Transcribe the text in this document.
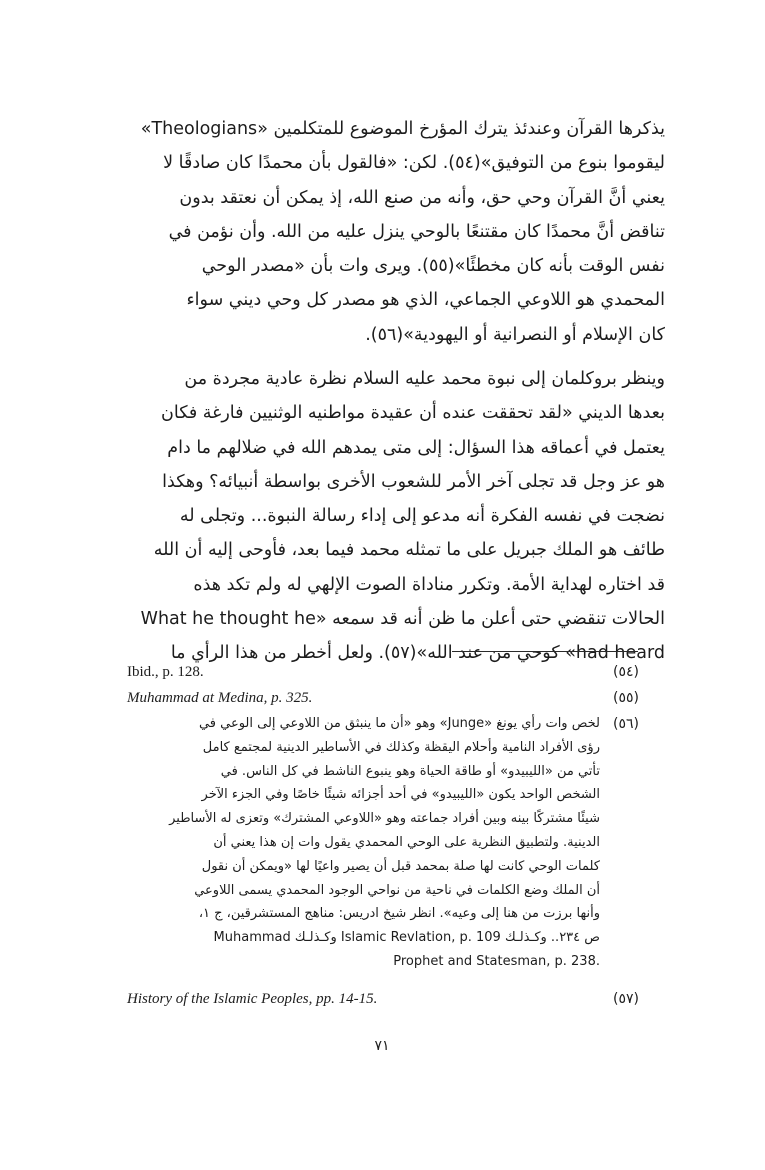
يذكرها القرآن وعندئذ يترك المؤرخ الموضوع للمتكلمين «Theologians»
ليقوموا بنوع من التوفيق»(٥٤). لكن: «فالقول بأن محمدًا كان صادقًا لا
يعني أنَّ القرآن وحي حق، وأنه من صنع الله، إذ يمكن أن نعتقد بدون
تناقض أنَّ محمدًا كان مقتنعًا بالوحي ينزل عليه من الله. وأن نؤمن في
نفس الوقت بأنه كان مخطئًا»(٥٥). ويرى وات بأن «مصدر الوحي
المحمدي هو اللاوعي الجماعي، الذي هو مصدر كل وحي ديني سواء
كان الإسلام أو النصرانية أو اليهودية»(٥٦).
وينظر بروكلمان إلى نبوة محمد عليه السلام نظرة عادية مجردة من
بعدها الديني «لقد تحققت عنده أن عقيدة مواطنيه الوثنيين فارغة فكان
يعتمل في أعماقه هذا السؤال: إلى متى يمدهم الله في ضلالهم ما دام
هو عز وجل قد تجلى آخر الأمر للشعوب الأخرى بواسطة أنبيائه؟ وهكذا
نضجت في نفسه الفكرة أنه مدعو إلى إداء رسالة النبوة... وتجلى له
طائف هو الملك جبريل على ما تمثله محمد فيما بعد، فأوحى إليه أن الله
قد اختاره لهداية الأمة. وتكرر مناداة الصوت الإلهي له ولم تكد هذه
الحالات تنقضي حتى أعلن ما ظن أنه قد سمعه «What he thought he
had heard» كوحي من عند الله»(٥٧). ولعل أخطر من هذا الرأي ما
Ibid., p. 128.	(٥٤)
Muhammad at Medina, p. 325.	(٥٥)
(٥٦)
لخص وات رأي يونغ «Junge» وهو «أن ما ينبثق من اللاوعي إلى الوعي في
رؤى الأفراد النامية وأحلام اليقظة وكذلك في الأساطير الدينية لمجتمع كامل
تأتي من «الليبيدو» أو طاقة الحياة وهو ينبوع الناشط في كل الناس. في
الشخص الواحد يكون «الليبيدو» في أحد أجزائه شيئًا خاصًا وفي الجزء الآخر
شيئًا مشتركًا بينه وبين أفراد جماعته وهو «اللاوعي المشترك» وتعزى له الأساطير
الدينية. ولتطبيق النظرية على الوحي المحمدي يقول وات إن هذا يعني أن
كلمات الوحي كانت لها صلة بمحمد قبل أن يصير واعيًا لها «ويمكن أن نقول
أن الملك وضع الكلمات في ناحية من نواحي الوجود المحمدي يسمى اللاوعي
وأنها برزت من هنا إلى وعيه». انظر شيخ ادريس: مناهج المستشرقين، ج ١،
ص ٢٣٤.. وكـذلـك Islamic Revlation, p. 109 وكـذلـك Muhammad
.Prophet and Statesman, p. 238
History of the Islamic Peoples, pp. 14-15.	(٥٧)
٧١
